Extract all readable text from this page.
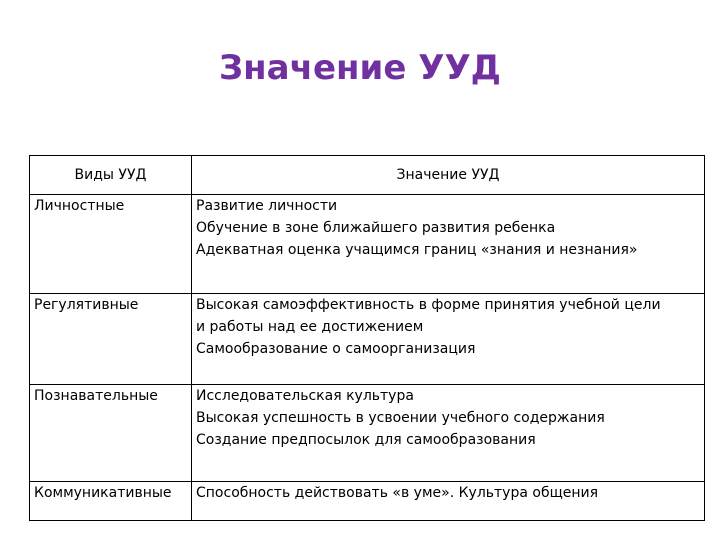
Значение УУД
Виды УУД	Значение УУД
Личностные	Развитие личности
Обучение в зоне ближайшего развития ребенка
Адекватная оценка учащимся границ «знания и незнания»

Регулятивные	Высокая самоэффективность в форме принятия учебной цели
и работы над ее достижением
Самообразование о самоорганизация

Познавательные	Исследовательская культура
Высокая успешность в усвоении учебного содержания
Создание предпосылок для самообразования

Коммуникативные	Способность действовать «в уме». Культура общения
